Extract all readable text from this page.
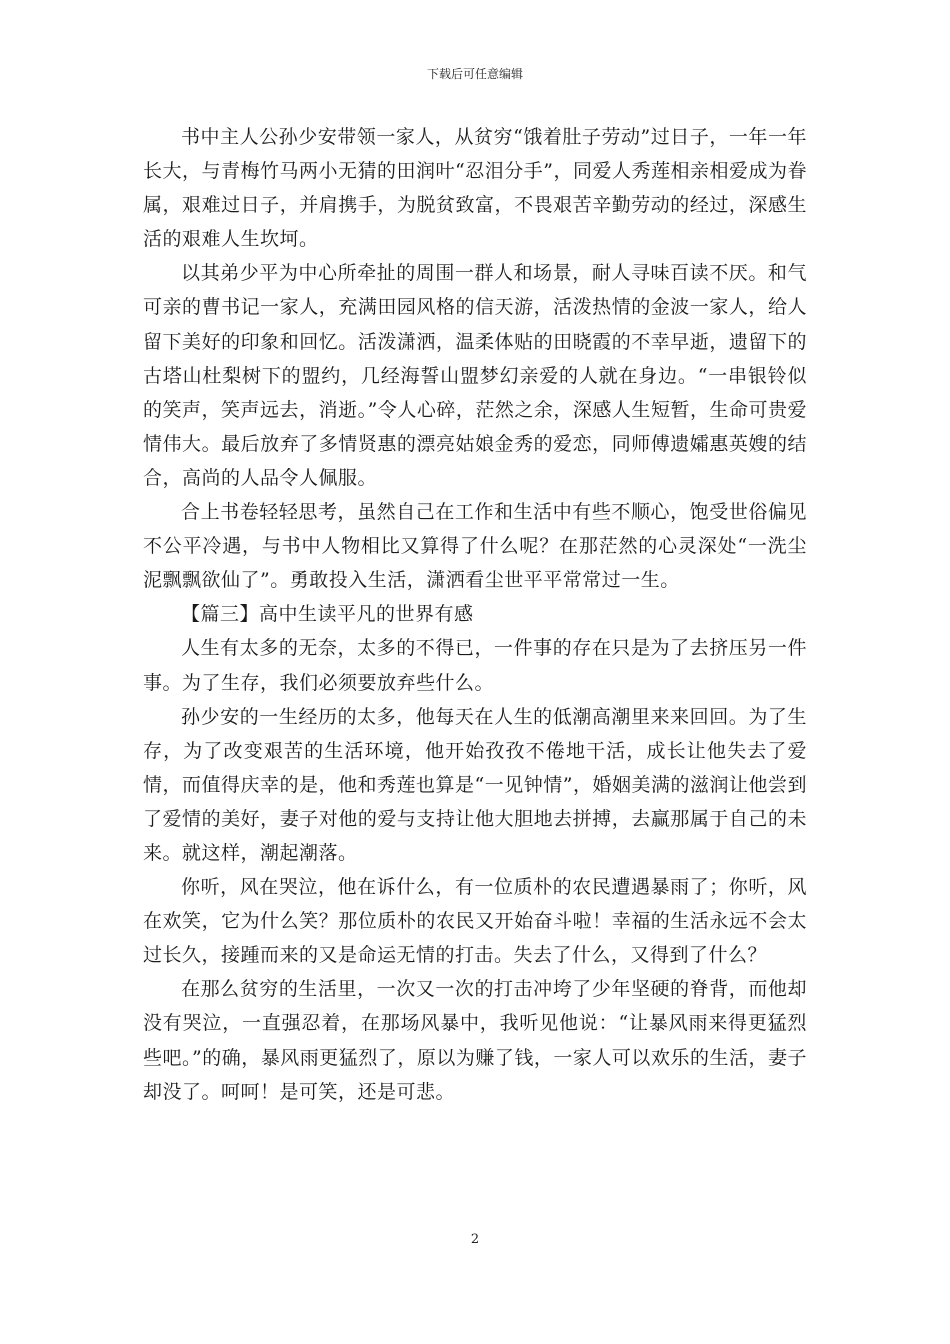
下载后可任意编辑

书中主人公孙少安带领一家人，从贫穷“饿着肚子劳动”过日子，一年一年长大，与青梅竹马两小无猜的田润叶“忍泪分手”，同爱人秀莲相亲相爱成为眷属，艰难过日子，并肩携手，为脱贫致富，不畏艰苦辛勤劳动的经过，深感生活的艰难人生坎坷。

以其弟少平为中心所牵扯的周围一群人和场景，耐人寻味百读不厌。和气可亲的曹书记一家人，充满田园风格的信天游，活泼热情的金波一家人，给人留下美好的印象和回忆。活泼潇洒，温柔体贴的田晓霞的不幸早逝，遗留下的古塔山杜梨树下的盟约，几经海誓山盟梦幻亲爱的人就在身边。“一串银铃似的笑声，笑声远去，消逝。”令人心碎，茫然之余，深感人生短暂，生命可贵爱情伟大。最后放弃了多情贤惠的漂亮姑娘金秀的爱恋，同师傅遗孀惠英嫂的结合，高尚的人品令人佩服。

合上书卷轻轻思考，虽然自己在工作和生活中有些不顺心，饱受世俗偏见不公平冷遇，与书中人物相比又算得了什么呢？在那茫然的心灵深处“一洗尘泥飘飘欲仙了”。勇敢投入生活，潇洒看尘世平平常常过一生。

【篇三】高中生读平凡的世界有感

人生有太多的无奈，太多的不得已，一件事的存在只是为了去挤压另一件事。为了生存，我们必须要放弃些什么。

孙少安的一生经历的太多，他每天在人生的低潮高潮里来来回回。为了生存，为了改变艰苦的生活环境，他开始孜孜不倦地干活，成长让他失去了爱情，而值得庆幸的是，他和秀莲也算是“一见钟情”，婚姻美满的滋润让他尝到了爱情的美好，妻子对他的爱与支持让他大胆地去拼搏，去赢那属于自己的未来。就这样，潮起潮落。

你听，风在哭泣，他在诉什么，有一位质朴的农民遭遇暴雨了；你听，风在欢笑，它为什么笑？那位质朴的农民又开始奋斗啦！幸福的生活永远不会太过长久，接踵而来的又是命运无情的打击。失去了什么，又得到了什么？

在那么贫穷的生活里，一次又一次的打击冲垮了少年坚硬的脊背，而他却没有哭泣，一直强忍着，在那场风暴中，我听见他说：“让暴风雨来得更猛烈些吧。”的确，暴风雨更猛烈了，原以为赚了钱，一家人可以欢乐的生活，妻子却没了。呵呵！是可笑，还是可悲。

2
